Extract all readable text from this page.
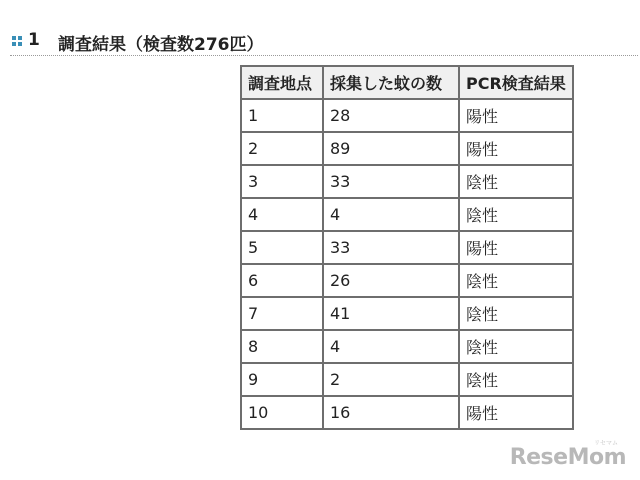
1 調査結果（検査数276匹）
調査地点	採集した蚊の数	PCR検査結果
1	28	陽性
2	89	陽性
3	33	陰性
4	4	陰性
5	33	陽性
6	26	陰性
7	41	陰性
8	4	陰性
9	2	陰性
10	16	陽性
リセマム
ReseMom
